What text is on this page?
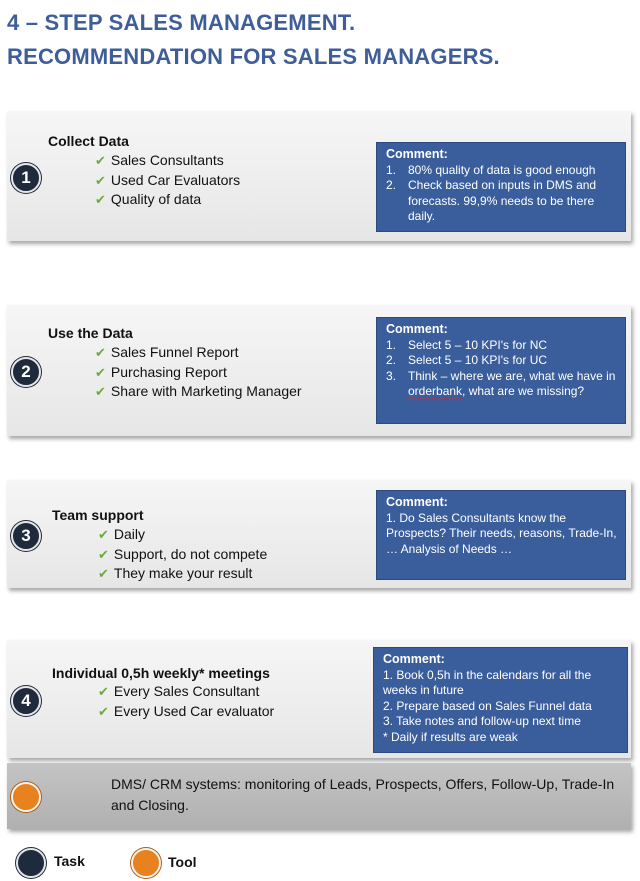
4 – STEP SALES MANAGEMENT.
RECOMMENDATION FOR SALES MANAGERS.
1
Collect Data
✔ Sales Consultants
✔ Used Car Evaluators
✔ Quality of data
Comment:
1. 80% quality of data is good enough
2. Check based on inputs in DMS and forecasts. 99,9% needs to be there daily.
2
Use the Data
✔ Sales Funnel Report
✔ Purchasing Report
✔ Share with Marketing Manager
Comment:
1. Select 5 – 10 KPI's for NC
2. Select 5 – 10 KPI's for UC
3. Think – where we are, what we have in orderbank, what are we missing?
3
Team support
✔ Daily
✔ Support, do not compete
✔ They make your result
Comment:
1. Do Sales Consultants know the Prospects? Their needs, reasons, Trade-In, … Analysis of Needs …
4
Individual 0,5h weekly* meetings
✔ Every Sales Consultant
✔ Every Used Car evaluator
Comment:
1. Book 0,5h in the calendars for all the weeks in future
2. Prepare based on Sales Funnel data
3. Take notes and follow-up next time
* Daily if results are weak
DMS/ CRM systems: monitoring of Leads, Prospects, Offers, Follow-Up, Trade-In and Closing.
Task	Tool
